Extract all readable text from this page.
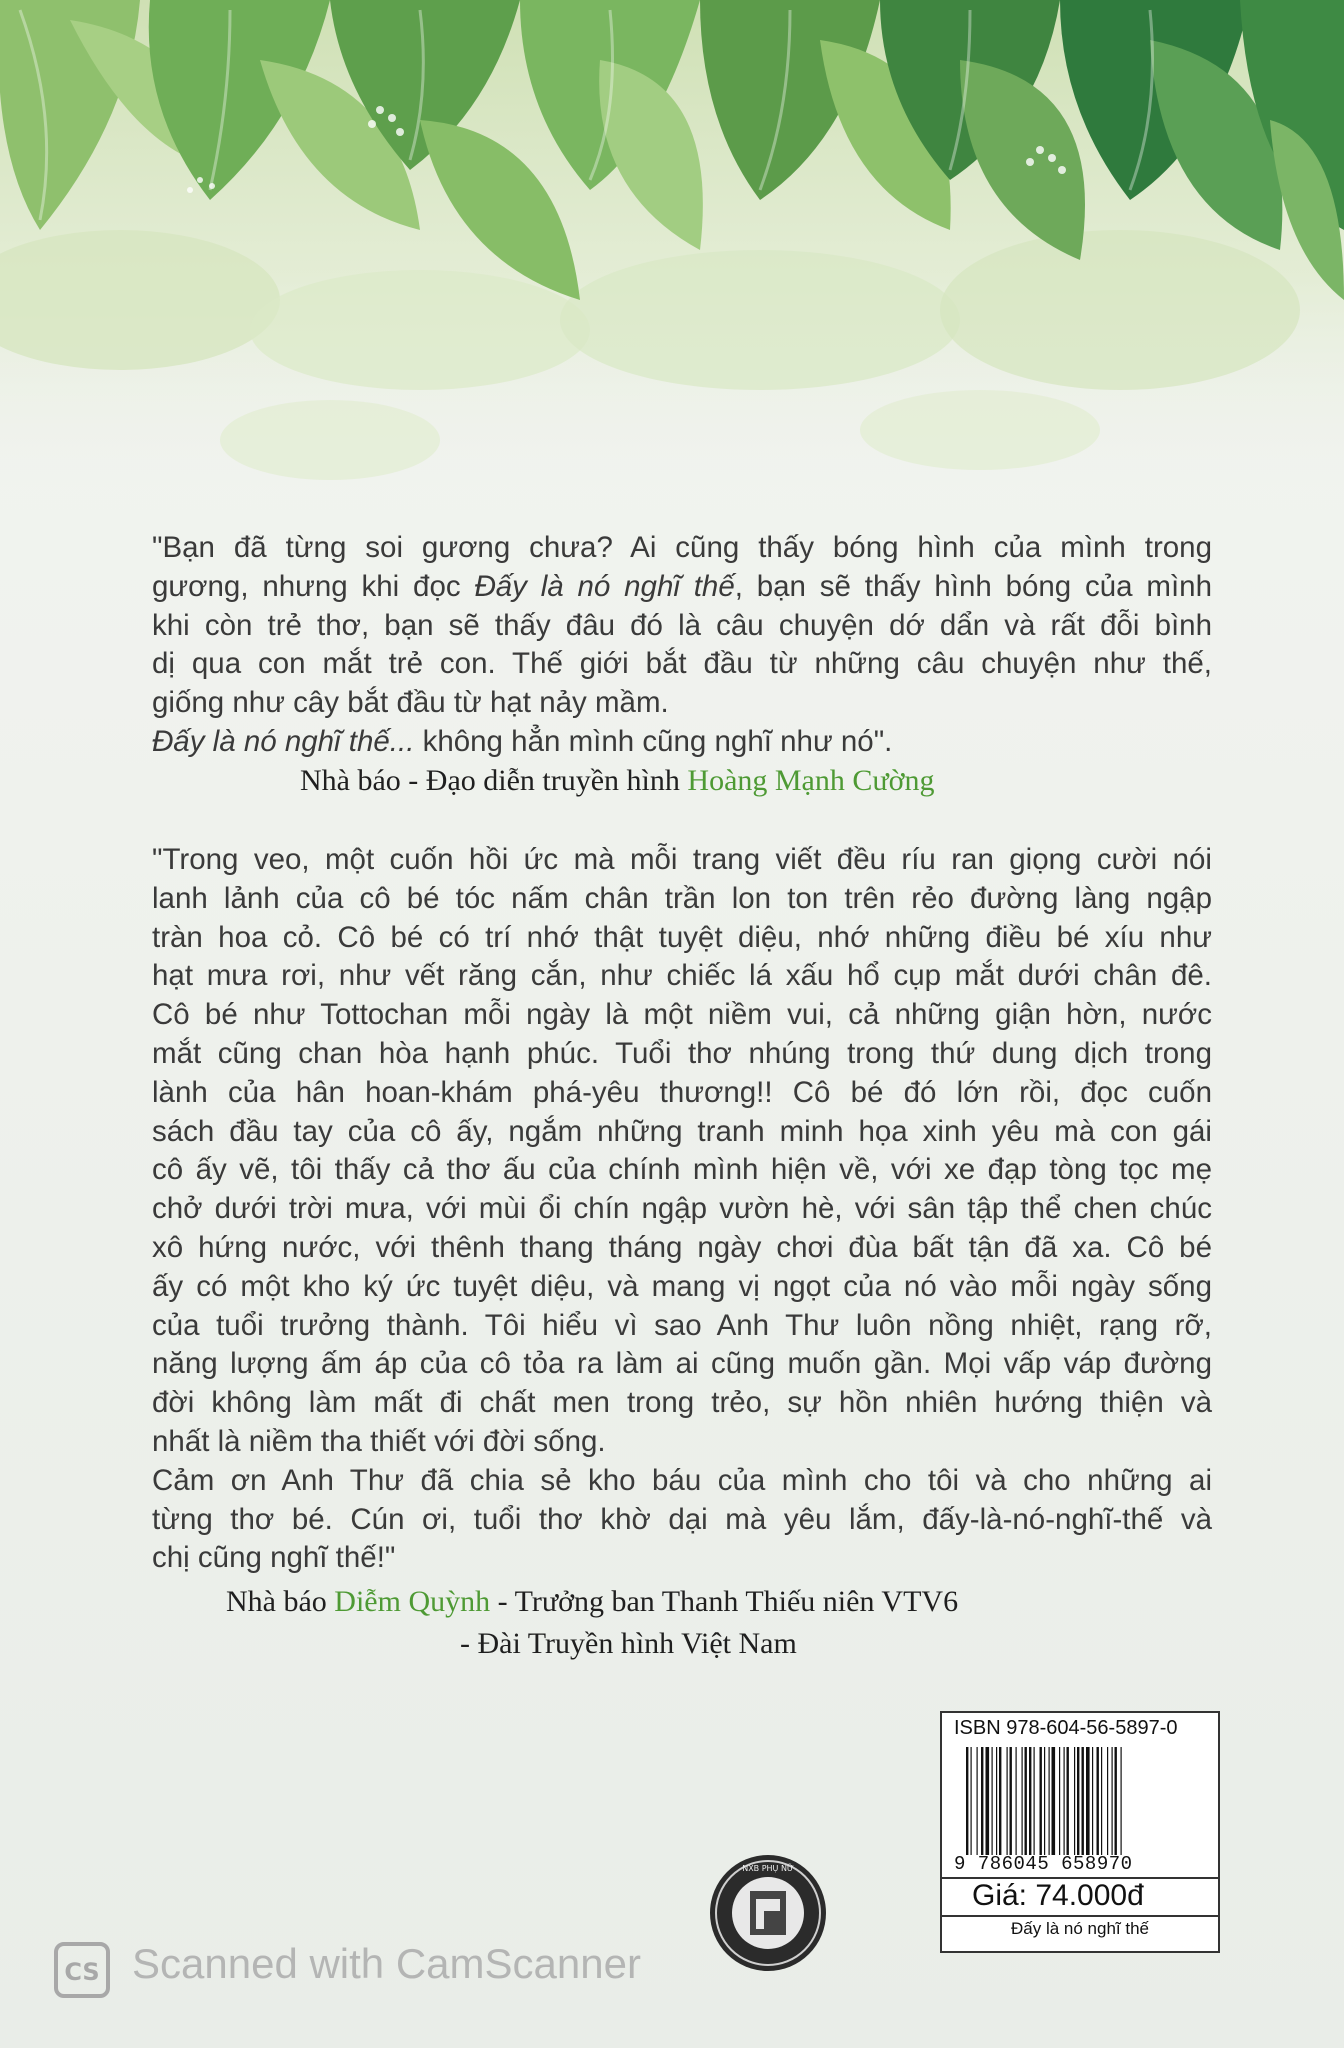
"Bạn đã từng soi gương chưa? Ai cũng thấy bóng hình của mình trong
gương, nhưng khi đọc Đấy là nó nghĩ thế, bạn sẽ thấy hình bóng của mình
khi còn trẻ thơ, bạn sẽ thấy đâu đó là câu chuyện dớ dẩn và rất đỗi bình
dị qua con mắt trẻ con. Thế giới bắt đầu từ những câu chuyện như thế,
giống như cây bắt đầu từ hạt nảy mầm.
Đấy là nó nghĩ thế... không hẳn mình cũng nghĩ như nó".
Nhà báo - Đạo diễn truyền hình Hoàng Mạnh Cường
"Trong veo, một cuốn hồi ức mà mỗi trang viết đều ríu ran giọng cười nói
lanh lảnh của cô bé tóc nấm chân trần lon ton trên rẻo đường làng ngập
tràn hoa cỏ. Cô bé có trí nhớ thật tuyệt diệu, nhớ những điều bé xíu như
hạt mưa rơi, như vết răng cắn, như chiếc lá xấu hổ cụp mắt dưới chân đê.
Cô bé như Tottochan mỗi ngày là một niềm vui, cả những giận hờn, nước
mắt cũng chan hòa hạnh phúc. Tuổi thơ nhúng trong thứ dung dịch trong
lành của hân hoan-khám phá-yêu thương!! Cô bé đó lớn rồi, đọc cuốn
sách đầu tay của cô ấy, ngắm những tranh minh họa xinh yêu mà con gái
cô ấy vẽ, tôi thấy cả thơ ấu của chính mình hiện về, với xe đạp tòng tọc mẹ
chở dưới trời mưa, với mùi ổi chín ngập vườn hè, với sân tập thể chen chúc
xô hứng nước, với thênh thang tháng ngày chơi đùa bất tận đã xa. Cô bé
ấy có một kho ký ức tuyệt diệu, và mang vị ngọt của nó vào mỗi ngày sống
của tuổi trưởng thành. Tôi hiểu vì sao Anh Thư luôn nồng nhiệt, rạng rỡ,
năng lượng ấm áp của cô tỏa ra làm ai cũng muốn gần. Mọi vấp váp đường
đời không làm mất đi chất men trong trẻo, sự hồn nhiên hướng thiện và
nhất là niềm tha thiết với đời sống.
Cảm ơn Anh Thư đã chia sẻ kho báu của mình cho tôi và cho những ai
từng thơ bé. Cún ơi, tuổi thơ khờ dại mà yêu lắm, đấy-là-nó-nghĩ-thế và
chị cũng nghĩ thế!"
Nhà báo Diễm Quỳnh - Trưởng ban Thanh Thiếu niên VTV6
- Đài Truyền hình Việt Nam
NXB PHỤ NỮ
ISBN 978-604-56-5897-0
9 786045 658970
Giá: 74.000đ
Đấy là nó nghĩ thế
CS Scanned with CamScanner
